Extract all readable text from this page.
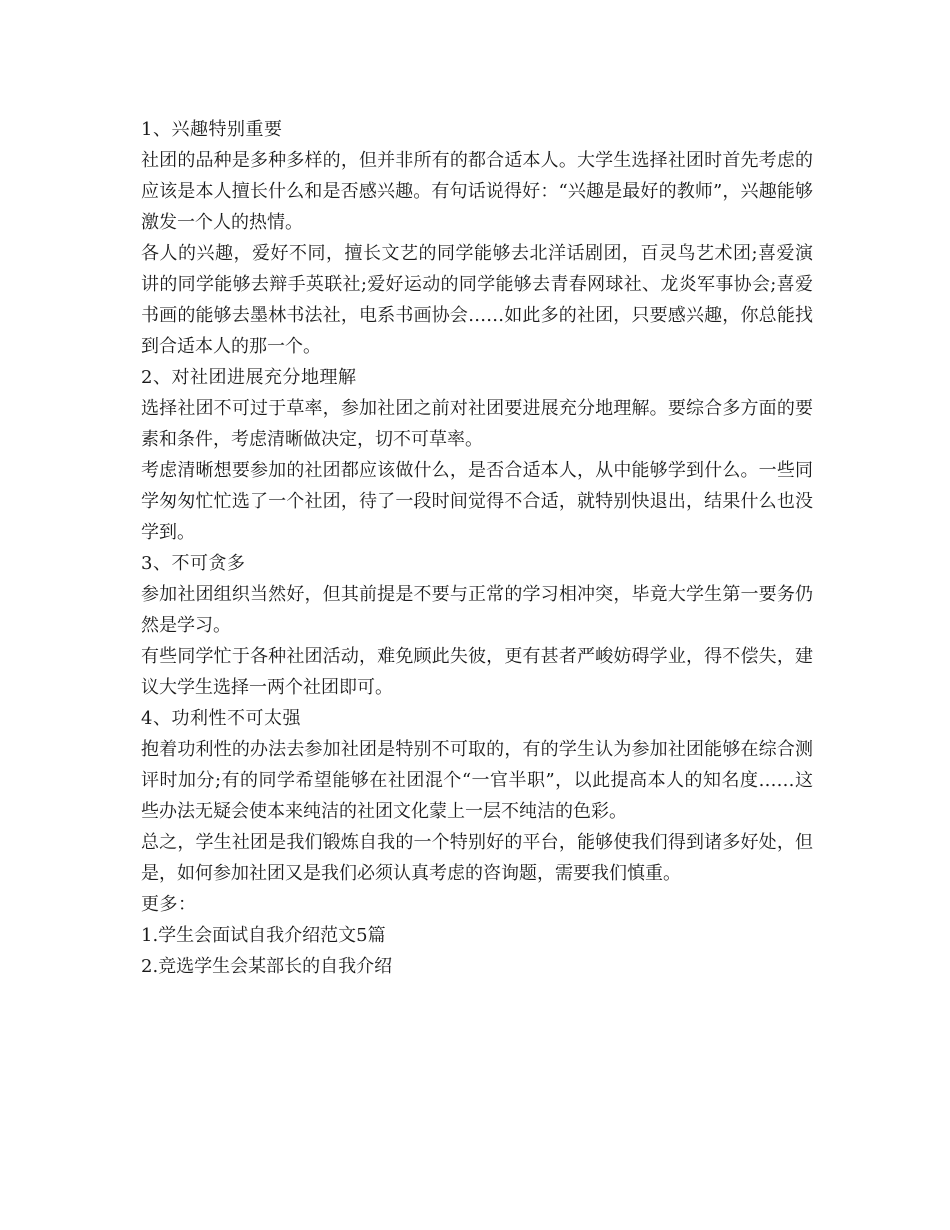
1、兴趣特别重要

社团的品种是多种多样的，但并非所有的都合适本人。大学生选择社团时首先考虑的应该是本人擅长什么和是否感兴趣。有句话说得好：“兴趣是最好的教师”，兴趣能够激发一个人的热情。

各人的兴趣，爱好不同，擅长文艺的同学能够去北洋话剧团，百灵鸟艺术团;喜爱演讲的同学能够去辩手英联社;爱好运动的同学能够去青春网球社、龙炎军事协会;喜爱书画的能够去墨林书法社，电系书画协会……如此多的社团，只要感兴趣，你总能找到合适本人的那一个。

2、对社团进展充分地理解

选择社团不可过于草率，参加社团之前对社团要进展充分地理解。要综合多方面的要素和条件，考虑清晰做决定，切不可草率。

考虑清晰想要参加的社团都应该做什么，是否合适本人，从中能够学到什么。一些同学匆匆忙忙选了一个社团，待了一段时间觉得不合适，就特别快退出，结果什么也没学到。

3、不可贪多

参加社团组织当然好，但其前提是不要与正常的学习相冲突，毕竟大学生第一要务仍然是学习。

有些同学忙于各种社团活动，难免顾此失彼，更有甚者严峻妨碍学业，得不偿失，建议大学生选择一两个社团即可。

4、功利性不可太强

抱着功利性的办法去参加社团是特别不可取的，有的学生认为参加社团能够在综合测评时加分;有的同学希望能够在社团混个“一官半职”，以此提高本人的知名度……这些办法无疑会使本来纯洁的社团文化蒙上一层不纯洁的色彩。

总之，学生社团是我们锻炼自我的一个特别好的平台，能够使我们得到诸多好处，但是，如何参加社团又是我们必须认真考虑的咨询题，需要我们慎重。

更多：

1.学生会面试自我介绍范文5篇

2.竞选学生会某部长的自我介绍
